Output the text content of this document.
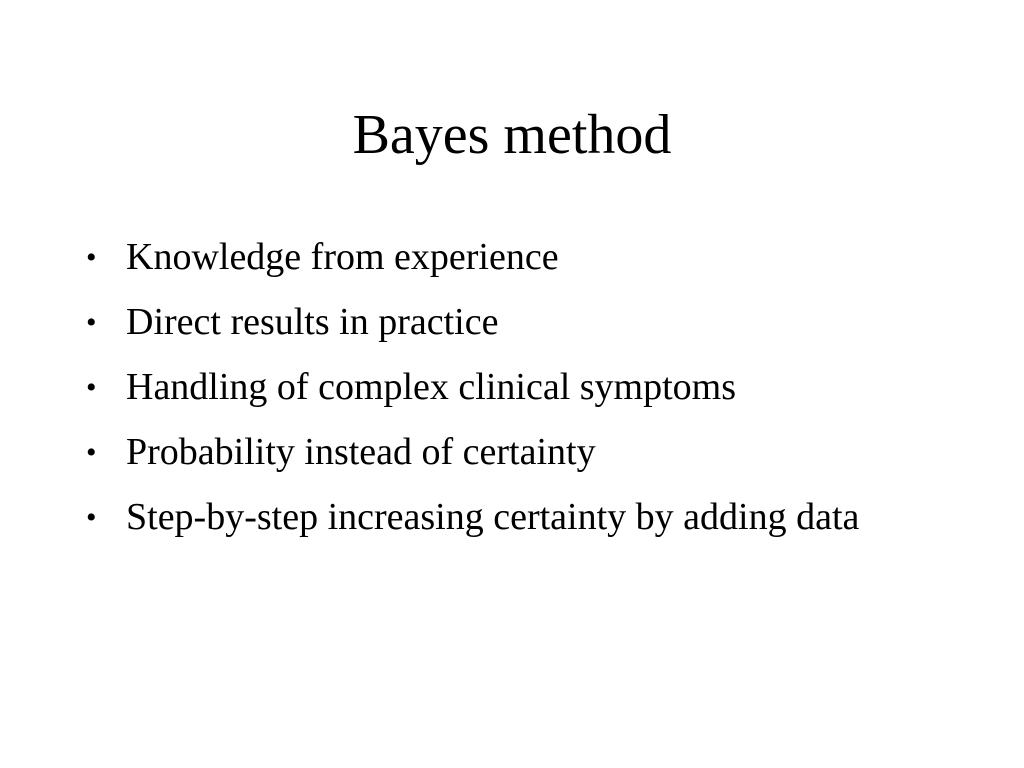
Bayes method
• Knowledge from experience
• Direct results in practice
• Handling of complex clinical symptoms
• Probability instead of certainty
• Step-by-step increasing certainty by adding data
